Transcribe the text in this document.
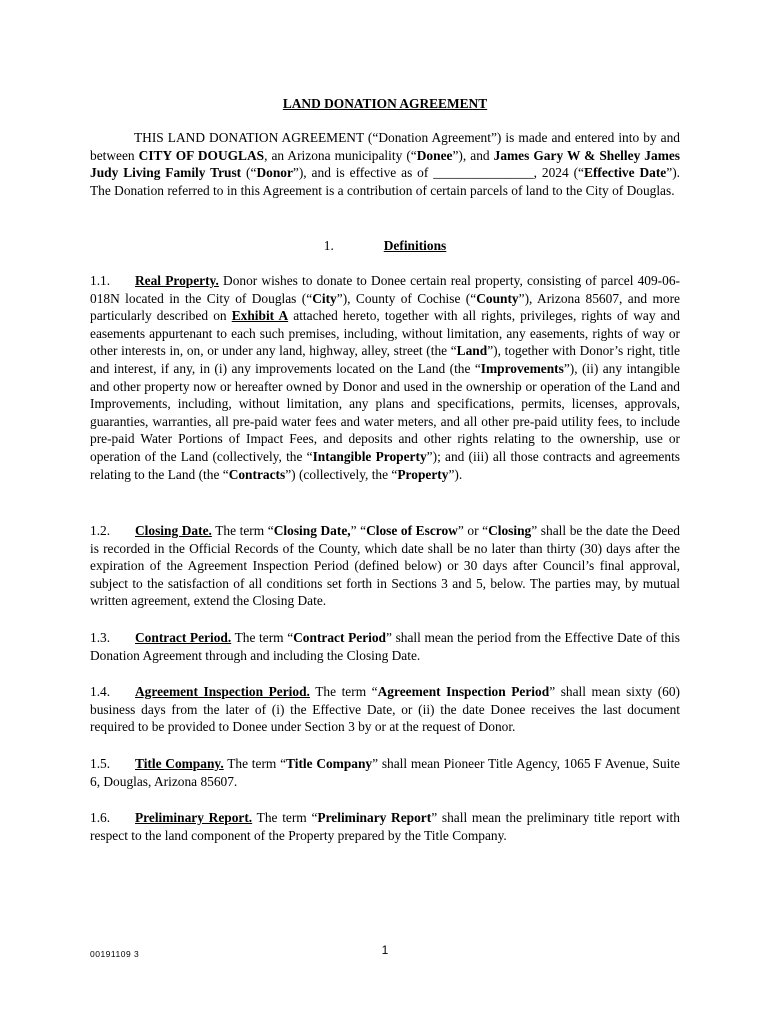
LAND DONATION AGREEMENT
THIS LAND DONATION AGREEMENT (“Donation Agreement”) is made and entered into by and between CITY OF DOUGLAS, an Arizona municipality (“Donee”), and James Gary W & Shelley James Judy Living Family Trust (“Donor”), and is effective as of _______________, 2024 (“Effective Date”). The Donation referred to in this Agreement is a contribution of certain parcels of land to the City of Douglas.
1.	Definitions
1.1. Real Property. Donor wishes to donate to Donee certain real property, consisting of parcel 409-06-018N located in the City of Douglas (“City”), County of Cochise (“County”), Arizona 85607, and more particularly described on Exhibit A attached hereto, together with all rights, privileges, rights of way and easements appurtenant to each such premises, including, without limitation, any easements, rights of way or other interests in, on, or under any land, highway, alley, street (the “Land”), together with Donor’s right, title and interest, if any, in (i) any improvements located on the Land (the “Improvements”), (ii) any intangible and other property now or hereafter owned by Donor and used in the ownership or operation of the Land and Improvements, including, without limitation, any plans and specifications, permits, licenses, approvals, guaranties, warranties, all pre-paid water fees and water meters, and all other pre-paid utility fees, to include pre-paid Water Portions of Impact Fees, and deposits and other rights relating to the ownership, use or operation of the Land (collectively, the “Intangible Property”); and (iii) all those contracts and agreements relating to the Land (the “Contracts”) (collectively, the “Property”).
1.2. Closing Date. The term “Closing Date,” “Close of Escrow” or “Closing” shall be the date the Deed is recorded in the Official Records of the County, which date shall be no later than thirty (30) days after the expiration of the Agreement Inspection Period (defined below) or 30 days after Council’s final approval, subject to the satisfaction of all conditions set forth in Sections 3 and 5, below. The parties may, by mutual written agreement, extend the Closing Date.
1.3. Contract Period. The term “Contract Period” shall mean the period from the Effective Date of this Donation Agreement through and including the Closing Date.
1.4. Agreement Inspection Period. The term “Agreement Inspection Period” shall mean sixty (60) business days from the later of (i) the Effective Date, or (ii) the date Donee receives the last document required to be provided to Donee under Section 3 by or at the request of Donor.
1.5. Title Company. The term “Title Company” shall mean Pioneer Title Agency, 1065 F Avenue, Suite 6, Douglas, Arizona 85607.
1.6. Preliminary Report. The term “Preliminary Report” shall mean the preliminary title report with respect to the land component of the Property prepared by the Title Company.
00191109 3	1
